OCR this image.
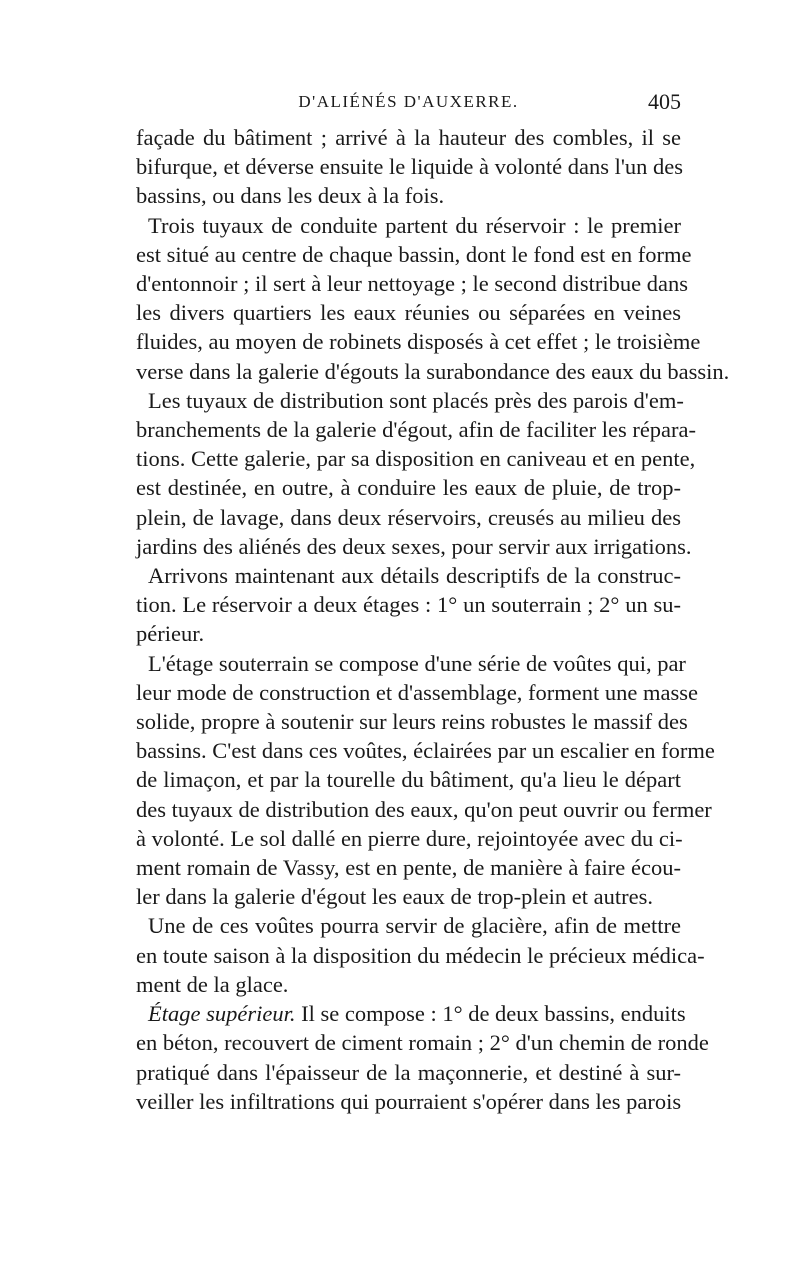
D'ALIÉNÉS D'AUXERRE.	405
façade du bâtiment ; arrivé à la hauteur des combles, il se
bifurque, et déverse ensuite le liquide à volonté dans l'un des
bassins, ou dans les deux à la fois.
Trois tuyaux de conduite partent du réservoir : le premier
est situé au centre de chaque bassin, dont le fond est en forme
d'entonnoir ; il sert à leur nettoyage ; le second distribue dans
les divers quartiers les eaux réunies ou séparées en veines
fluides, au moyen de robinets disposés à cet effet ; le troisième
verse dans la galerie d'égouts la surabondance des eaux du bassin.
Les tuyaux de distribution sont placés près des parois d'em-
branchements de la galerie d'égout, afin de faciliter les répara-
tions. Cette galerie, par sa disposition en caniveau et en pente,
est destinée, en outre, à conduire les eaux de pluie, de trop-
plein, de lavage, dans deux réservoirs, creusés au milieu des
jardins des aliénés des deux sexes, pour servir aux irrigations.
Arrivons maintenant aux détails descriptifs de la construc-
tion. Le réservoir a deux étages : 1° un souterrain ; 2° un su-
périeur.
L'étage souterrain se compose d'une série de voûtes qui, par
leur mode de construction et d'assemblage, forment une masse
solide, propre à soutenir sur leurs reins robustes le massif des
bassins. C'est dans ces voûtes, éclairées par un escalier en forme
de limaçon, et par la tourelle du bâtiment, qu'a lieu le départ
des tuyaux de distribution des eaux, qu'on peut ouvrir ou fermer
à volonté. Le sol dallé en pierre dure, rejointoyée avec du ci-
ment romain de Vassy, est en pente, de manière à faire écou-
ler dans la galerie d'égout les eaux de trop-plein et autres.
Une de ces voûtes pourra servir de glacière, afin de mettre
en toute saison à la disposition du médecin le précieux médica-
ment de la glace.
Étage supérieur. Il se compose : 1° de deux bassins, enduits
en béton, recouvert de ciment romain ; 2° d'un chemin de ronde
pratiqué dans l'épaisseur de la maçonnerie, et destiné à sur-
veiller les infiltrations qui pourraient s'opérer dans les parois
